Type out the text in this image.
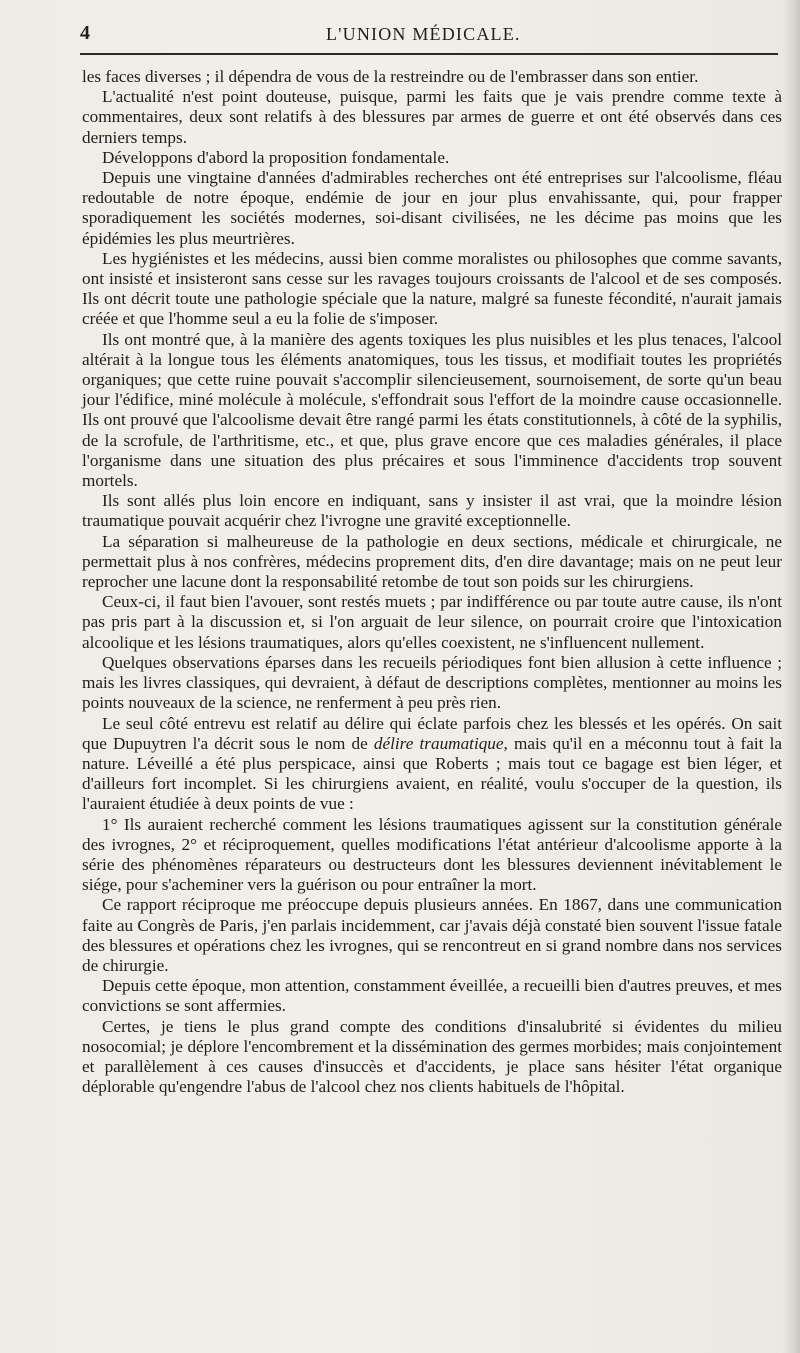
4	L'UNION MÉDICALE.

les faces diverses ; il dépendra de vous de la restreindre ou de l'embrasser dans son entier.

L'actualité n'est point douteuse, puisque, parmi les faits que je vais prendre comme texte à commentaires, deux sont relatifs à des blessures par armes de guerre et ont été observés dans ces derniers temps.

Développons d'abord la proposition fondamentale.

Depuis une vingtaine d'années d'admirables recherches ont été entreprises sur l'alcoolisme, fléau redoutable de notre époque, endémie de jour en jour plus envahissante, qui, pour frapper sporadiquement les sociétés modernes, soi-disant civilisées, ne les décime pas moins que les épidémies les plus meurtrières.

Les hygiénistes et les médecins, aussi bien comme moralistes ou philosophes que comme savants, ont insisté et insisteront sans cesse sur les ravages toujours croissants de l'alcool et de ses composés. Ils ont décrit toute une pathologie spéciale que la nature, malgré sa funeste fécondité, n'aurait jamais créée et que l'homme seul a eu la folie de s'imposer.

Ils ont montré que, à la manière des agents toxiques les plus nuisibles et les plus tenaces, l'alcool altérait à la longue tous les éléments anatomiques, tous les tissus, et modifiait toutes les propriétés organiques; que cette ruine pouvait s'accomplir silencieusement, sournoisement, de sorte qu'un beau jour l'édifice, miné molécule à molécule, s'effondrait sous l'effort de la moindre cause occasionnelle. Ils ont prouvé que l'alcoolisme devait être rangé parmi les états constitutionnels, à côté de la syphilis, de la scrofule, de l'arthritisme, etc., et que, plus grave encore que ces maladies générales, il place l'organisme dans une situation des plus précaires et sous l'imminence d'accidents trop souvent mortels.

Ils sont allés plus loin encore en indiquant, sans y insister il ast vrai, que la moindre lésion traumatique pouvait acquérir chez l'ivrogne une gravité exceptionnelle.

La séparation si malheureuse de la pathologie en deux sections, médicale et chirurgicale, ne permettait plus à nos confrères, médecins proprement dits, d'en dire davantage; mais on ne peut leur reprocher une lacune dont la responsabilité retombe de tout son poids sur les chirurgiens.

Ceux-ci, il faut bien l'avouer, sont restés muets ; par indifférence ou par toute autre cause, ils n'ont pas pris part à la discussion et, si l'on arguait de leur silence, on pourrait croire que l'intoxication alcoolique et les lésions traumatiques, alors qu'elles coexistent, ne s'influencent nullement.

Quelques observations éparses dans les recueils périodiques font bien allusion à cette influence ; mais les livres classiques, qui devraient, à défaut de descriptions complètes, mentionner au moins les points nouveaux de la science, ne renferment à peu près rien.

Le seul côté entrevu est relatif au délire qui éclate parfois chez les blessés et les opérés. On sait que Dupuytren l'a décrit sous le nom de délire traumatique, mais qu'il en a méconnu tout à fait la nature. Léveillé a été plus perspicace, ainsi que Roberts ; mais tout ce bagage est bien léger, et d'ailleurs fort incomplet. Si les chirurgiens avaient, en réalité, voulu s'occuper de la question, ils l'auraient étudiée à deux points de vue :

1° Ils auraient recherché comment les lésions traumatiques agissent sur la constitution générale des ivrognes, 2° et réciproquement, quelles modifications l'état antérieur d'alcoolisme apporte à la série des phénomènes réparateurs ou destructeurs dont les blessures deviennent inévitablement le siége, pour s'acheminer vers la guérison ou pour entraîner la mort.

Ce rapport réciproque me préoccupe depuis plusieurs années. En 1867, dans une communication faite au Congrès de Paris, j'en parlais incidemment, car j'avais déjà constaté bien souvent l'issue fatale des blessures et opérations chez les ivrognes, qui se rencontreut en si grand nombre dans nos services de chirurgie.

Depuis cette époque, mon attention, constamment éveillée, a recueilli bien d'autres preuves, et mes convictions se sont affermies.

Certes, je tiens le plus grand compte des conditions d'insalubrité si évidentes du milieu nosocomial; je déplore l'encombrement et la dissémination des germes morbides; mais conjointement et parallèlement à ces causes d'insuccès et d'accidents, je place sans hésiter l'état organique déplorable qu'engendre l'abus de l'alcool chez nos clients habituels de l'hôpital.
